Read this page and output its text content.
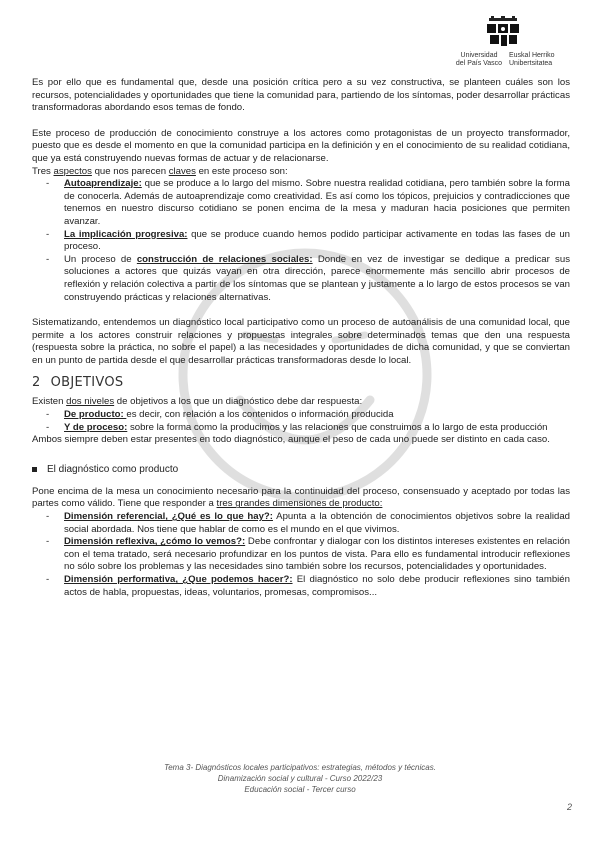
Universidad
del País Vasco
Euskal Herriko
Unibertsitatea

Es por ello que es fundamental que, desde una posición crítica pero a su vez constructiva, se planteen cuáles son los recursos, potencialidades y oportunidades que tiene la comunidad para, partiendo de los síntomas, poder desarrollar prácticas transformadoras abordando esos temas de fondo.

Este proceso de producción de conocimiento construye a los actores como protagonistas de un proyecto transformador, puesto que es desde el momento en que la comunidad participa en la definición y en el conocimiento de su realidad cotidiana, que ya está construyendo nuevas formas de actuar y de relacionarse.

Tres aspectos que nos parecen claves en este proceso son:

- Autoaprendizaje: que se produce a lo largo del mismo. Sobre nuestra realidad cotidiana, pero también sobre la forma de conocerla. Además de autoaprendizaje como creatividad. Es así como los tópicos, prejuicios y contradicciones que tenemos en nuestro discurso cotidiano se ponen encima de la mesa y maduran hacia posiciones que permiten avanzar.
- La implicación progresiva: que se produce cuando hemos podido participar activamente en todas las fases de un proceso.
- Un proceso de construcción de relaciones sociales: Donde en vez de investigar se dedique a predicar sus soluciones a actores que quizás vayan en otra dirección, parece enormemente más sencillo abrir procesos de reflexión y relación colectiva a partir de los síntomas que se plantean y justamente a lo largo de estos procesos se van construyendo prácticas y relaciones alternativas.

Sistematizando, entendemos un diagnóstico local participativo como un proceso de autoanálisis de una comunidad local, que permite a los actores construir relaciones y propuestas integrales sobre determinados temas que den una respuesta (respuesta sobre la práctica, no sobre el papel) a las necesidades y oportunidades de dicha comunidad, y que se conviertan en un punto de partida desde el que desarrollar prácticas transformadoras desde lo local.

2 OBJETIVOS

Existen dos niveles de objetivos a los que un diagnóstico debe dar respuesta:

- De producto: es decir, con relación a los contenidos o información producida
- Y de proceso: sobre la forma como la producimos y las relaciones que construimos a lo largo de esta producción

Ambos siempre deben estar presentes en todo diagnóstico, aunque el peso de cada uno puede ser distinto en cada caso.

El diagnóstico como producto

Pone encima de la mesa un conocimiento necesario para la continuidad del proceso, consensuado y aceptado por todas las partes como válido. Tiene que responder a tres grandes dimensiones de producto:

- Dimensión referencial, ¿Qué es lo que hay?: Apunta a la obtención de conocimientos objetivos sobre la realidad social abordada. Nos tiene que hablar de como es el mundo en el que vivimos.
- Dimensión reflexiva, ¿cómo lo vemos?: Debe confrontar y dialogar con los distintos intereses existentes en relación con el tema tratado, será necesario profundizar en los puntos de vista. Para ello es fundamental introducir reflexiones no sólo sobre los problemas y las necesidades sino también sobre los recursos, potencialidades y oportunidades.
- Dimensión performativa, ¿Que podemos hacer?: El diagnóstico no solo debe producir reflexiones sino también actos de habla, propuestas, ideas, voluntarios, promesas, compromisos...
Tema 3- Diagnósticos locales participativos: estrategias, métodos y técnicas.
Dinamización social y cultural - Curso 2022/23
Educación social - Tercer curso
2
